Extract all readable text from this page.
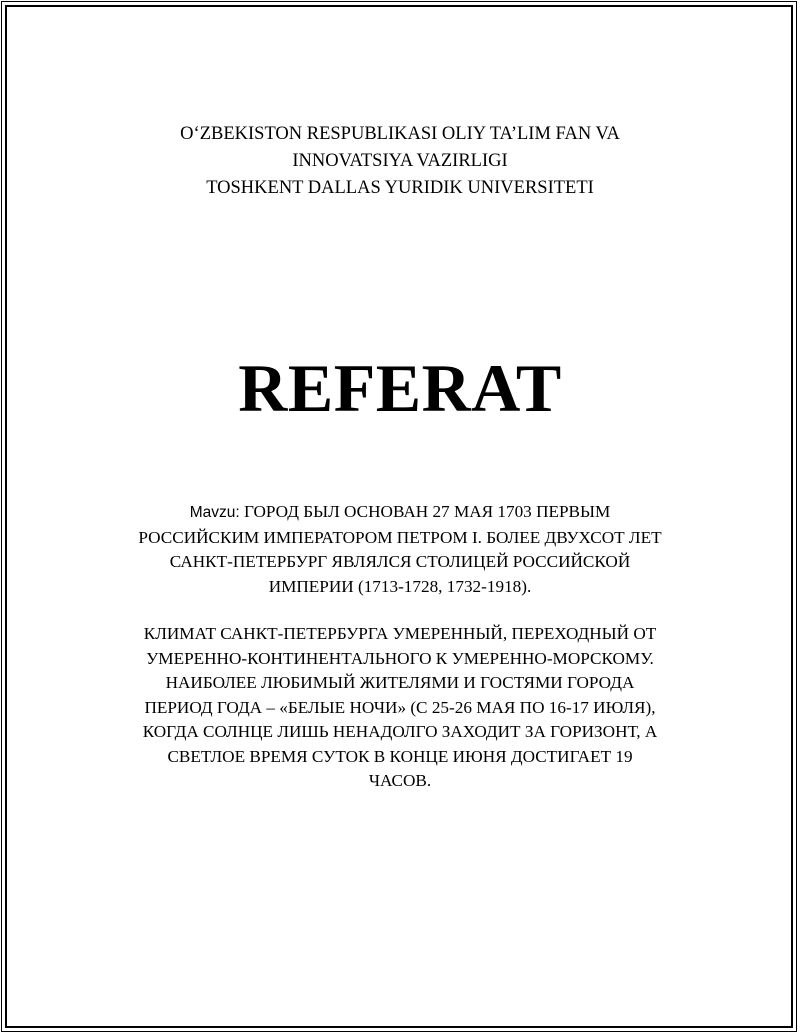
O‘ZBEKISTON RESPUBLIKASI OLIY TA’LIM FAN VA
INNOVATSIYA VAZIRLIGI
TOSHKENT DALLAS YURIDIK UNIVERSITETI
REFERAT
Mavzu: ГОРОД БЫЛ ОСНОВАН 27 МАЯ 1703 ПЕРВЫМ
РОССИЙСКИМ ИМПЕРАТОРОМ ПЕТРОМ I. БОЛЕЕ ДВУХСОТ ЛЕТ
САНКТ-ПЕТЕРБУРГ ЯВЛЯЛСЯ СТОЛИЦЕЙ РОССИЙСКОЙ
ИМПЕРИИ (1713-1728, 1732-1918).
КЛИМАТ САНКТ-ПЕТЕРБУРГА УМЕРЕННЫЙ, ПЕРЕХОДНЫЙ ОТ
УМЕРЕННО-КОНТИНЕНТАЛЬНОГО К УМЕРЕННО-МОРСКОМУ.
НАИБОЛЕЕ ЛЮБИМЫЙ ЖИТЕЛЯМИ И ГОСТЯМИ ГОРОДА
ПЕРИОД ГОДА – «БЕЛЫЕ НОЧИ» (С 25-26 МАЯ ПО 16-17 ИЮЛЯ),
КОГДА СОЛНЦЕ ЛИШЬ НЕНАДОЛГО ЗАХОДИТ ЗА ГОРИЗОНТ, А
СВЕТЛОЕ ВРЕМЯ СУТОК В КОНЦЕ ИЮНЯ ДОСТИГАЕТ 19
ЧАСОВ.
